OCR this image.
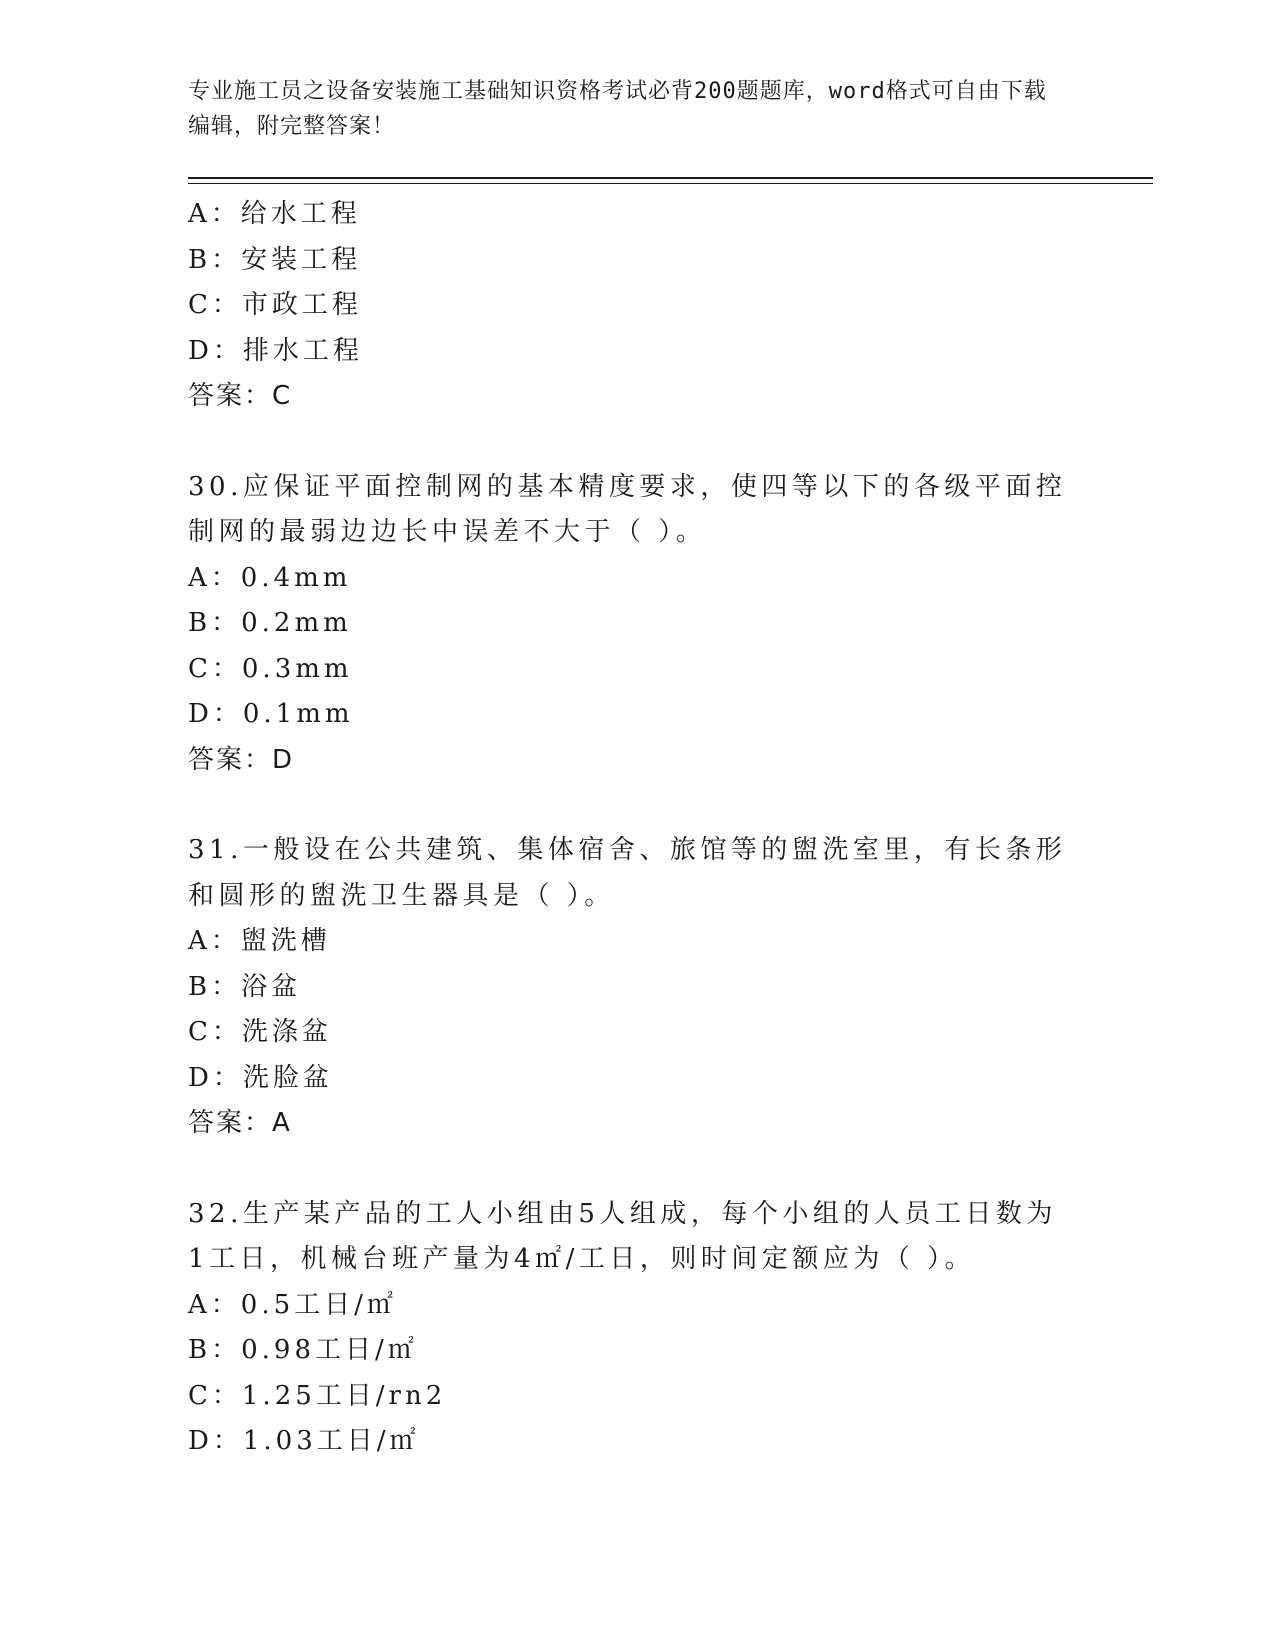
专业施工员之设备安装施工基础知识资格考试必背200题题库，word格式可自由下载编辑，附完整答案！
A：给水工程
B：安装工程
C：市政工程
D：排水工程
答案：C
30.应保证平面控制网的基本精度要求，使四等以下的各级平面控制网的最弱边边长中误差不大于（ ）。
A：0.4mm
B：0.2mm
C：0.3mm
D：0.1mm
答案：D
31.一般设在公共建筑、集体宿舍、旅馆等的盥洗室里，有长条形和圆形的盥洗卫生器具是（ ）。
A：盥洗槽
B：浴盆
C：洗涤盆
D：洗脸盆
答案：A
32.生产某产品的工人小组由5人组成，每个小组的人员工日数为1工日，机械台班产量为4㎡/工日，则时间定额应为（ ）。
A：0.5工日/㎡
B：0.98工日/㎡
C：1.25工日/rn2
D：1.03工日/㎡
